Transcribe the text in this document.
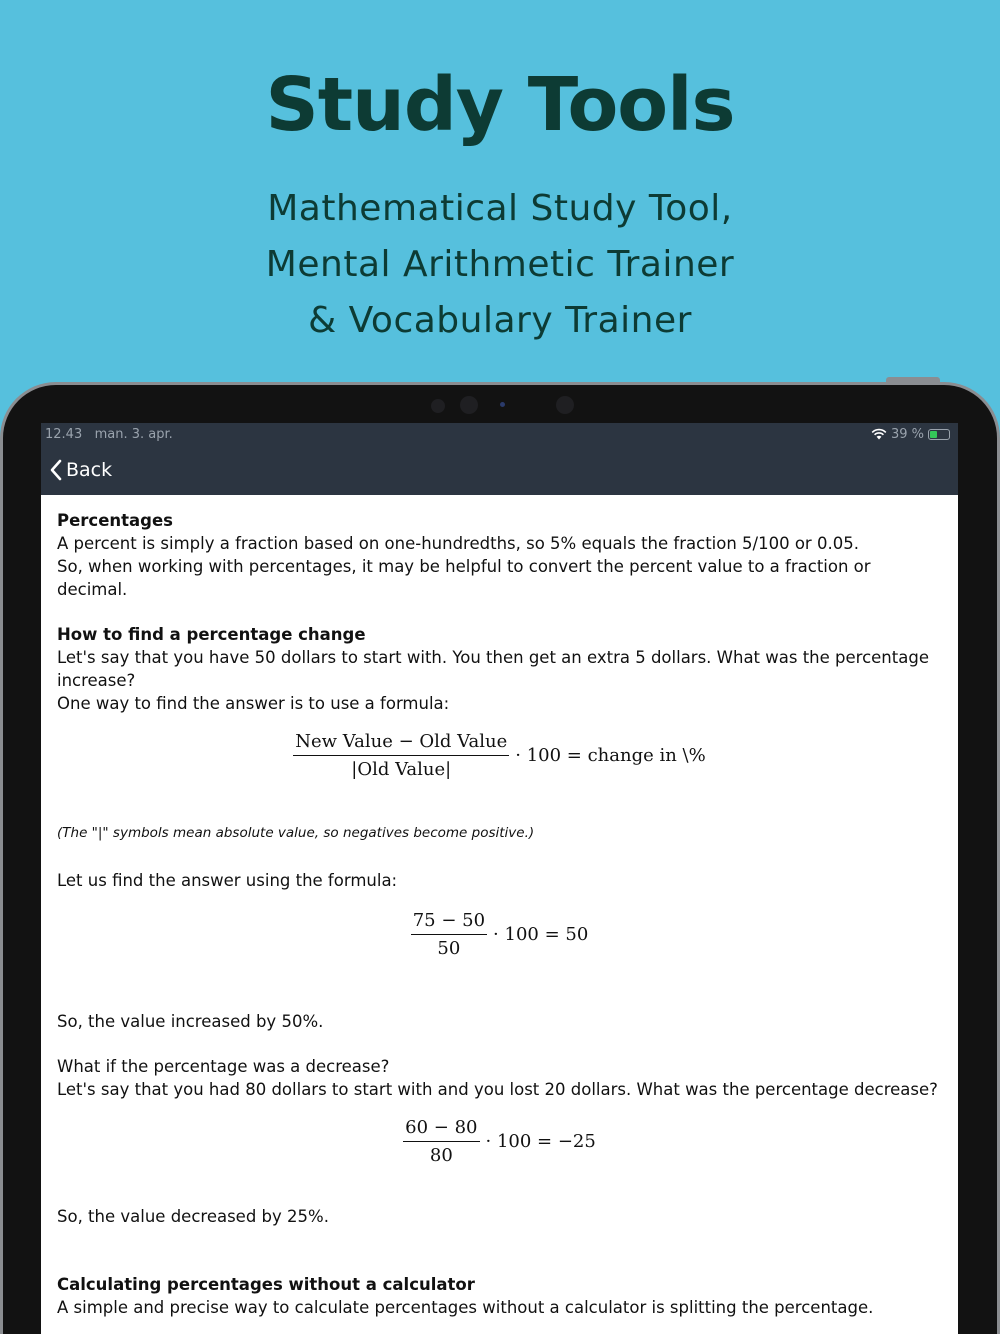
Study Tools
Mathematical Study Tool,
Mental Arithmetic Trainer
& Vocabulary Trainer
12.43 man. 3. apr.	39 %
Back
Percentages

A percent is simply a fraction based on one-hundredths, so 5% equals the fraction 5/100 or 0.05.

So, when working with percentages, it may be helpful to convert the percent value to a fraction or decimal.

How to find a percentage change

Let's say that you have 50 dollars to start with. You then get an extra 5 dollars. What was the percentage increase?

One way to find the answer is to use a formula:

$\frac{\text{New Value − Old Value}}{\text{|Old Value|}} \cdot 100$ = change in \%

(The "|" symbols mean absolute value, so negatives become positive.)

Let us find the answer using the formula:

$\frac{75 - 50}{50} \cdot 100 = 50$

So, the value increased by 50%.

What if the percentage was a decrease?

Let's say that you had 80 dollars to start with and you lost 20 dollars. What was the percentage decrease?

$\frac{60 - 80}{80} \cdot 100 = -25$

So, the value decreased by 25%.

Calculating percentages without a calculator

A simple and precise way to calculate percentages without a calculator is splitting the percentage.
